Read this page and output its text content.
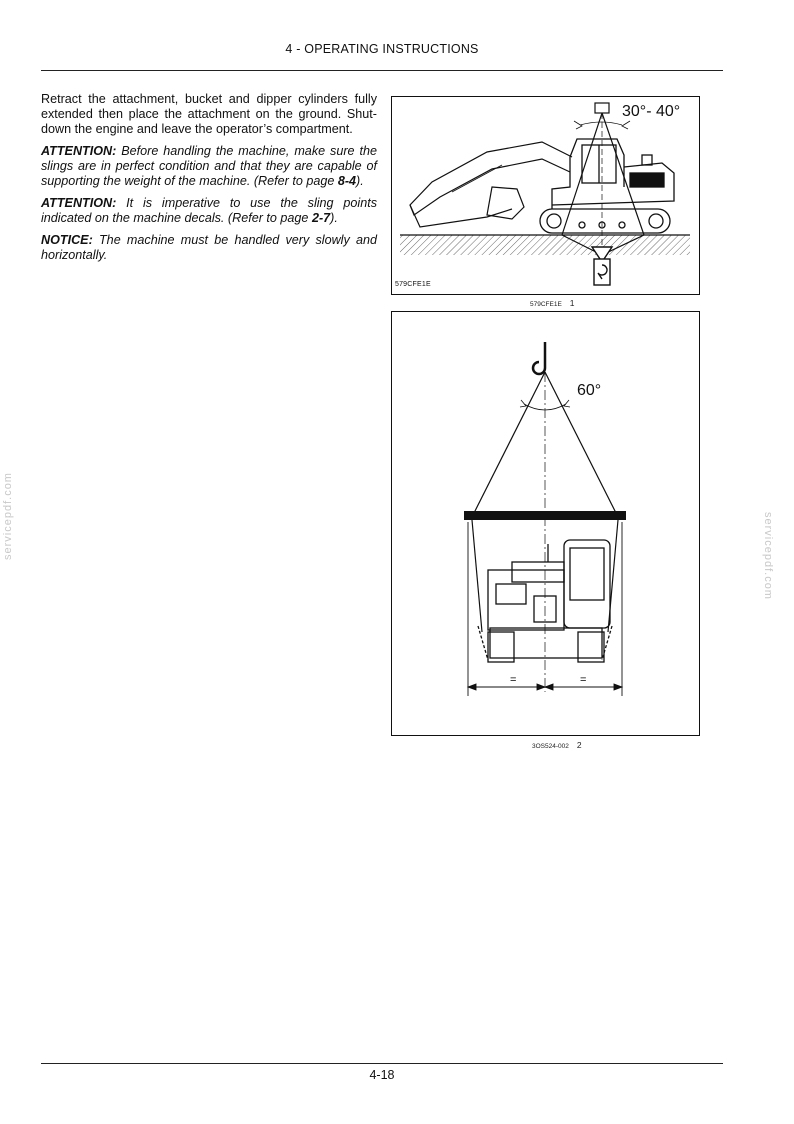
4 - OPERATING INSTRUCTIONS

Retract the attachment, bucket and dipper cylinders fully extended then place the attachment on the ground. Shut-down the engine and leave the operator’s compartment.

ATTENTION: Before handling the machine, make sure the slings are in perfect condition and that they are capable of supporting the weight of the machine. (Refer to page 8-4).

ATTENTION: It is imperative to use the sling points indicated on the machine decals. (Refer to page 2-7).

NOTICE: The machine must be handled very slowly and horizontally.

30°- 40°
579CFE1E
579CFE1E 1
=	=
60°
3OS524-002 2
servicepdf.com	servicepdf.com
4-18
